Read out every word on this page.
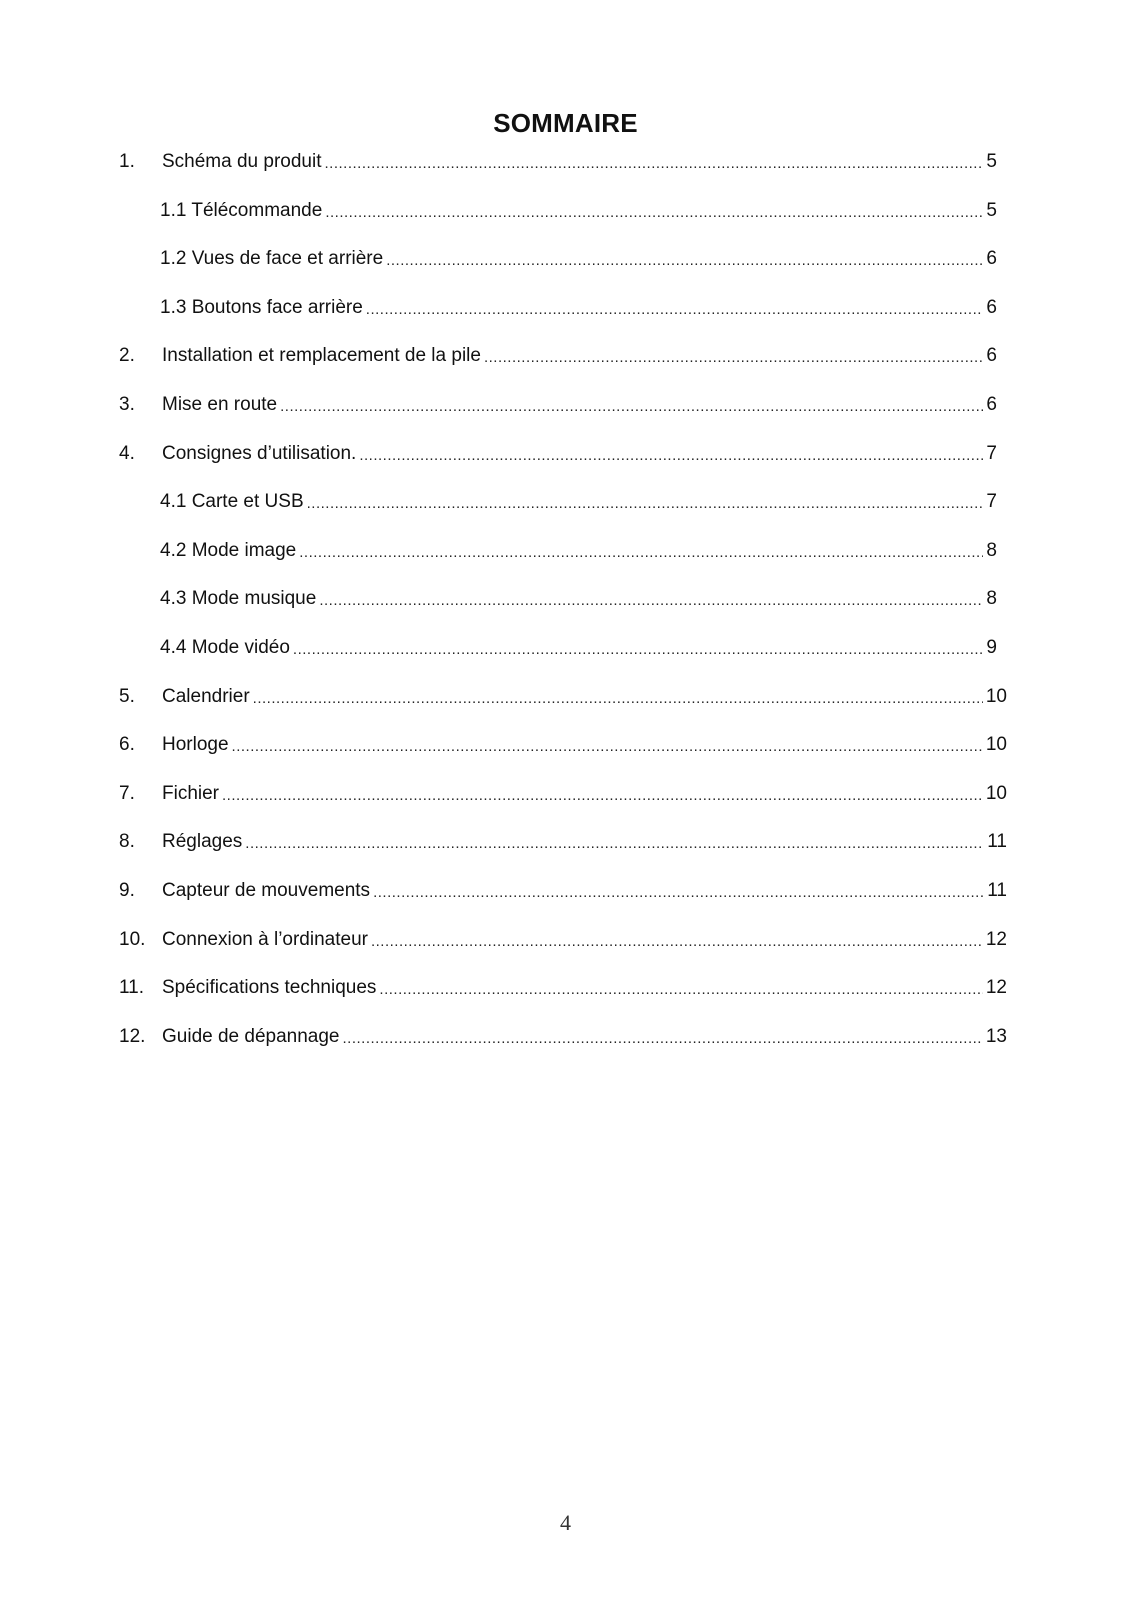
SOMMAIRE
1. Schéma du produit .....	5
1.1 Télécommande .....	5
1.2 Vues de face et arrière .....	6
1.3 Boutons face arrière .....	6
2. Installation et remplacement de la pile .....	6
3. Mise en route .....	6
4. Consignes d’utilisation. .....	7
4.1 Carte et USB .....	7
4.2 Mode image .....	8
4.3 Mode musique .....	8
4.4 Mode vidéo .....	9
5. Calendrier .....	10
6. Horloge .....	10
7. Fichier .....	10
8. Réglages .....	11
9. Capteur de mouvements .....	11
10. Connexion à l’ordinateur .....	12
11. Spécifications techniques .....	12
12. Guide de dépannage .....	13
4
